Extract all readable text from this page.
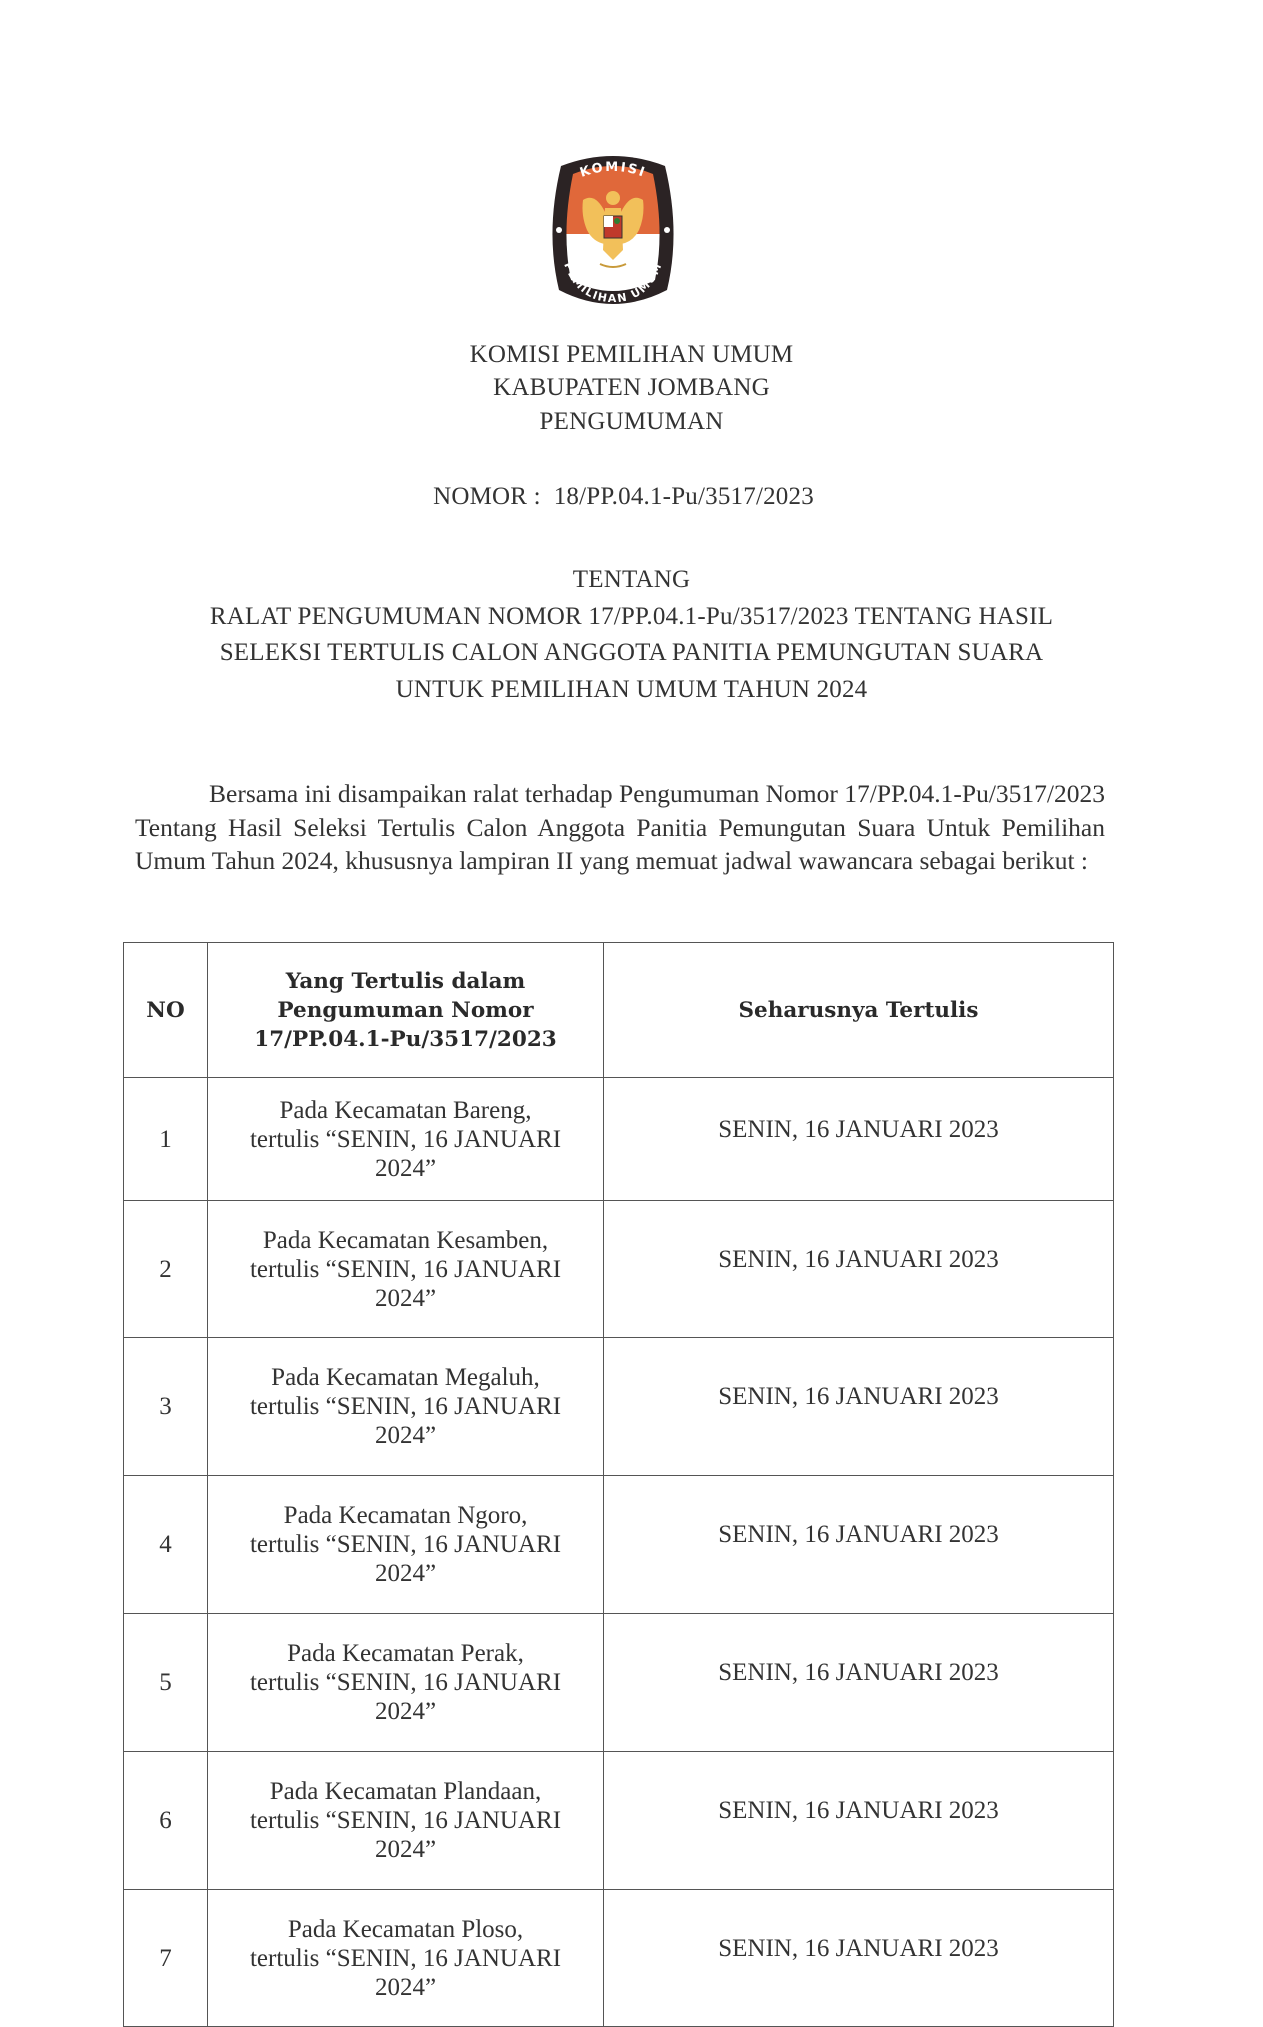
KOMISI
PEMILIHAN UMUM
KOMISI PEMILIHAN UMUM
KABUPATEN JOMBANG
PENGUMUMAN
NOMOR : 18/PP.04.1-Pu/3517/2023
TENTANG
RALAT PENGUMUMAN NOMOR 17/PP.04.1-Pu/3517/2023 TENTANG HASIL
SELEKSI TERTULIS CALON ANGGOTA PANITIA PEMUNGUTAN SUARA
UNTUK PEMILIHAN UMUM TAHUN 2024
Bersama ini disampaikan ralat terhadap Pengumuman Nomor 17/PP.04.1-Pu/3517/2023 Tentang Hasil Seleksi Tertulis Calon Anggota Panitia Pemungutan Suara Untuk Pemilihan Umum Tahun 2024, khususnya lampiran II yang memuat jadwal wawancara sebagai berikut :
NO	Yang Tertulis dalam
Pengumuman Nomor
17/PP.04.1-Pu/3517/2023	Seharusnya Tertulis
1	Pada Kecamatan Bareng,
tertulis “SENIN, 16 JANUARI
2024”	SENIN, 16 JANUARI 2023
2	Pada Kecamatan Kesamben,
tertulis “SENIN, 16 JANUARI
2024”	SENIN, 16 JANUARI 2023
3	Pada Kecamatan Megaluh,
tertulis “SENIN, 16 JANUARI
2024”	SENIN, 16 JANUARI 2023
4	Pada Kecamatan Ngoro,
tertulis “SENIN, 16 JANUARI
2024”	SENIN, 16 JANUARI 2023
5	Pada Kecamatan Perak,
tertulis “SENIN, 16 JANUARI
2024”	SENIN, 16 JANUARI 2023
6	Pada Kecamatan Plandaan,
tertulis “SENIN, 16 JANUARI
2024”	SENIN, 16 JANUARI 2023
7	Pada Kecamatan Ploso,
tertulis “SENIN, 16 JANUARI
2024”	SENIN, 16 JANUARI 2023
